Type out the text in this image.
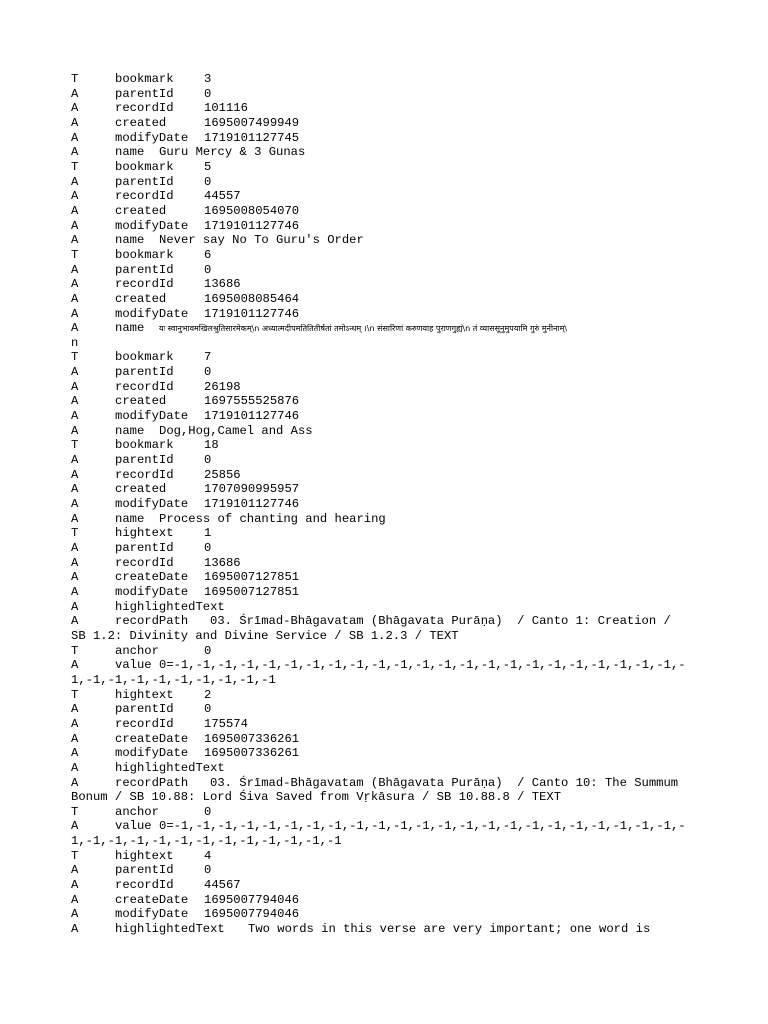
T	bookmark 3
A	parentId 0
A	recordId 101116
A	created	1695007499949
A	modifyDate 1719101127745
A	name Guru Mercy & 3 Gunas
T	bookmark 5
A	parentId 0
A	recordId 44557
A	created	1695008054070
A	modifyDate 1719101127746
A	name Never say No To Guru's Order
T	bookmark 6
A	parentId 0
A	recordId 13686
A	created	1695008085464
A	modifyDate 1719101127746
A	name यः स्वानुभावमखिलश्रुतिसारमेकम्\n अध्यात्मदीपमतितितीर्षतां तमोऽन्धम् ।\n संसारिणां करुणयाह पुराणगुह्यं\n तं व्याससूनुमुपयामि गुरुं मुनीनाम्\
n
T	bookmark 7
A	parentId 0
A	recordId 26198
A	created	1697555525876
A	modifyDate 1719101127746
A	name Dog,Hog,Camel and Ass
T	bookmark 18
A	parentId 0
A	recordId 25856
A	created	1707090995957
A	modifyDate 1719101127746
A	name Process of chanting and hearing
T	hightext 1
A	parentId 0
A	recordId 13686
A	createDate 1695007127851
A	modifyDate 1695007127851
A	highlightedText
A	recordPath 03. Śrīmad-Bhāgavatam (Bhāgavata Purāṇa)  / Canto 1: Creation /
SB 1.2: Divinity and Divine Service / SB 1.2.3 / TEXT
T	anchor	0
A	value 0=-1,-1,-1,-1,-1,-1,-1,-1,-1,-1,-1,-1,-1,-1,-1,-1,-1,-1,-1,-1,-1,-1,-1,-
1,-1,-1,-1,-1,-1,-1,-1,-1,-1
T	hightext 2
A	parentId 0
A	recordId 175574
A	createDate 1695007336261
A	modifyDate 1695007336261
A	highlightedText
A	recordPath 03. Śrīmad-Bhāgavatam (Bhāgavata Purāṇa)  / Canto 10: The Summum
Bonum / SB 10.88: Lord Śiva Saved from Vṛkāsura / SB 10.88.8 / TEXT
T	anchor	0
A	value 0=-1,-1,-1,-1,-1,-1,-1,-1,-1,-1,-1,-1,-1,-1,-1,-1,-1,-1,-1,-1,-1,-1,-1,-
1,-1,-1,-1,-1,-1,-1,-1,-1,-1,-1,-1,-1
T	hightext 4
A	parentId 0
A	recordId 44567
A	createDate 1695007794046
A	modifyDate 1695007794046
A	highlightedText Two words in this verse are very important; one word is
